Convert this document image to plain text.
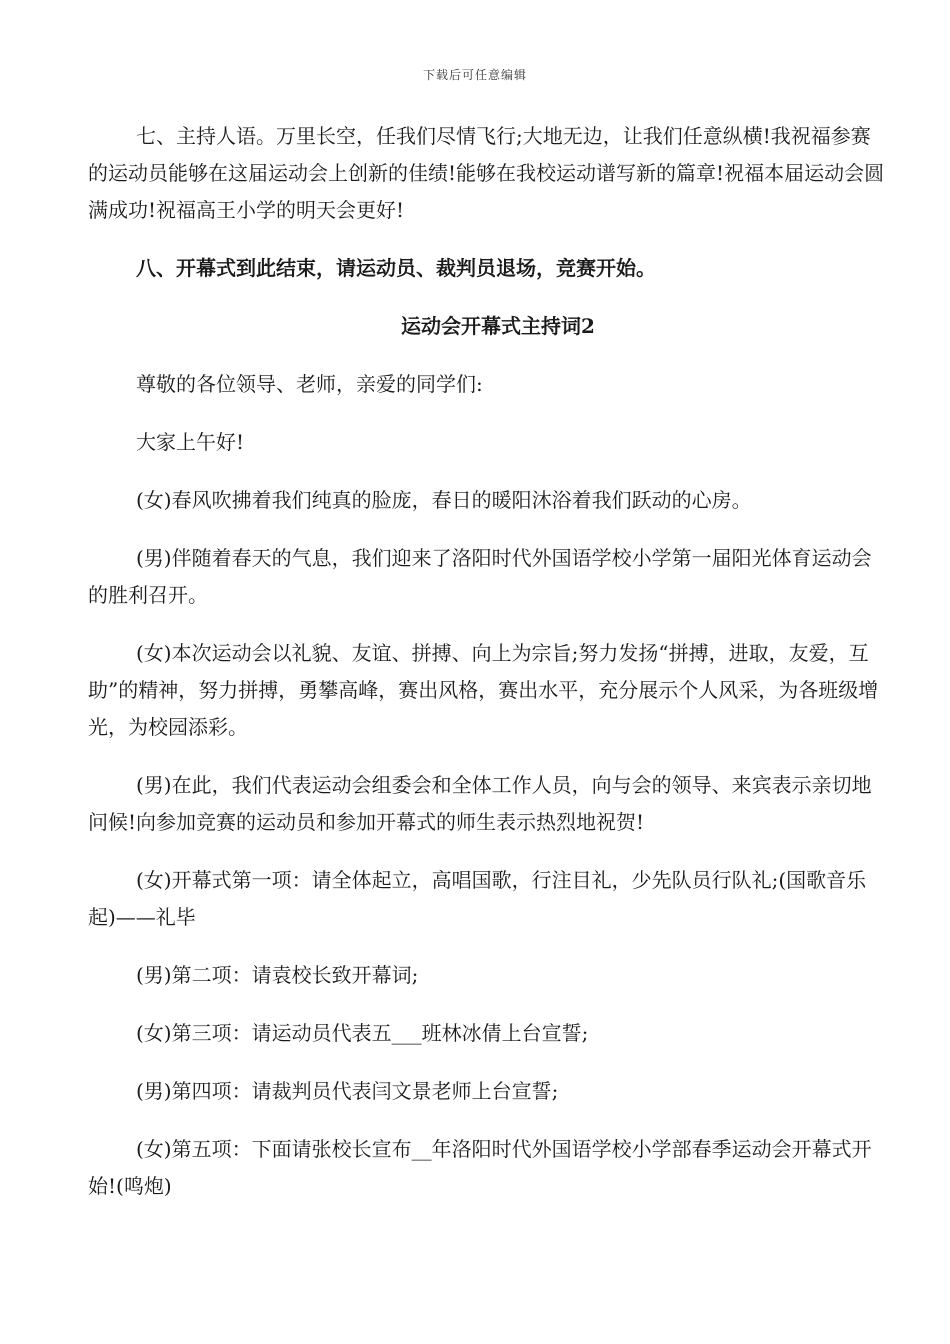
下载后可任意编辑

七、主持人语。万里长空，任我们尽情飞行;大地无边，让我们任意纵横!我祝福参赛的运动员能够在这届运动会上创新的佳绩!能够在我校运动谱写新的篇章!祝福本届运动会圆满成功!祝福高王小学的明天会更好!

八、开幕式到此结束，请运动员、裁判员退场，竞赛开始。

运动会开幕式主持词2

尊敬的各位领导、老师，亲爱的同学们:

大家上午好!

(女)春风吹拂着我们纯真的脸庞，春日的暖阳沐浴着我们跃动的心房。

(男)伴随着春天的气息，我们迎来了洛阳时代外国语学校小学第一届阳光体育运动会的胜利召开。

(女)本次运动会以礼貌、友谊、拼搏、向上为宗旨;努力发扬“拼搏，进取，友爱，互助”的精神，努力拼搏，勇攀高峰，赛出风格，赛出水平，充分展示个人风采，为各班级增光，为校园添彩。

(男)在此，我们代表运动会组委会和全体工作人员，向与会的领导、来宾表示亲切地问候!向参加竞赛的运动员和参加开幕式的师生表示热烈地祝贺!

(女)开幕式第一项：请全体起立，高唱国歌，行注目礼，少先队员行队礼;(国歌音乐起)——礼毕

(男)第二项：请袁校长致开幕词;

(女)第三项：请运动员代表五___班林冰倩上台宣誓;

(男)第四项：请裁判员代表闫文景老师上台宣誓;

(女)第五项：下面请张校长宣布__年洛阳时代外国语学校小学部春季运动会开幕式开始!(鸣炮)
